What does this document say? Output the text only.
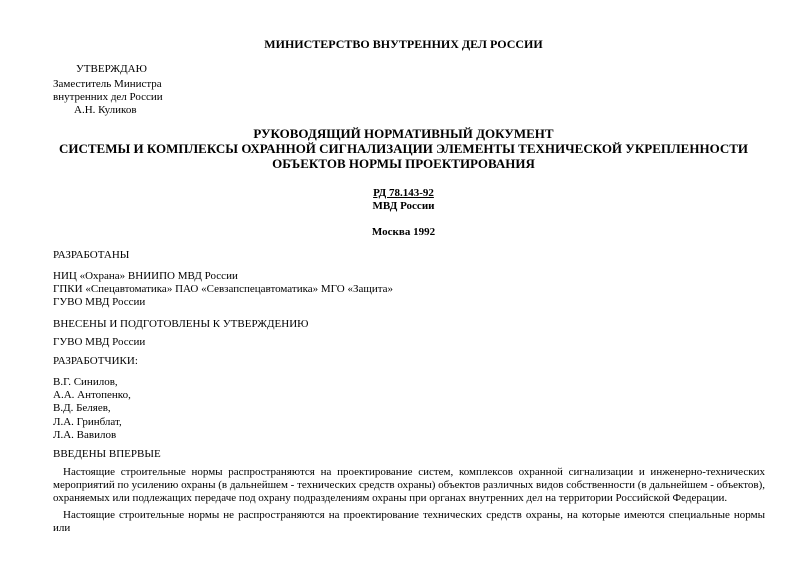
МИНИСТЕРСТВО ВНУТРЕННИХ ДЕЛ РОССИИ
УТВЕРЖДАЮ
Заместитель Министра
внутренних дел России
А.Н. Куликов
РУКОВОДЯЩИЙ НОРМАТИВНЫЙ ДОКУМЕНТ
СИСТЕМЫ И КОМПЛЕКСЫ ОХРАННОЙ СИГНАЛИЗАЦИИ ЭЛЕМЕНТЫ ТЕХНИЧЕСКОЙ УКРЕПЛЕННОСТИ
ОБЪЕКТОВ НОРМЫ ПРОЕКТИРОВАНИЯ
РД 78.143-92
МВД России
Москва 1992
РАЗРАБОТАНЫ
НИЦ «Охрана» ВНИИПО МВД России
ГПКИ «Спецавтоматика» ПАО «Севзапспецавтоматика» МГО «Защита»
ГУВО МВД России
ВНЕСЕНЫ И ПОДГОТОВЛЕНЫ К УТВЕРЖДЕНИЮ
ГУВО МВД России
РАЗРАБОТЧИКИ:
В.Г. Синилов,
А.А. Антопенко,
В.Д. Беляев,
Л.А. Гринблат,
Л.А. Вавилов
ВВЕДЕНЫ ВПЕРВЫЕ
Настоящие строительные нормы распространяются на проектирование систем, комплексов охранной сигнализации и инженерно-технических
мероприятий по усилению охраны (в дальнейшем - технических средств охраны) объектов различных видов собственности (в дальнейшем - объектов),
охраняемых или подлежащих передаче под охрану подразделениям охраны при органах внутренних дел на территории Российской Федерации.
Настоящие строительные нормы не распространяются на проектирование технических средств охраны, на которые имеются специальные нормы или
